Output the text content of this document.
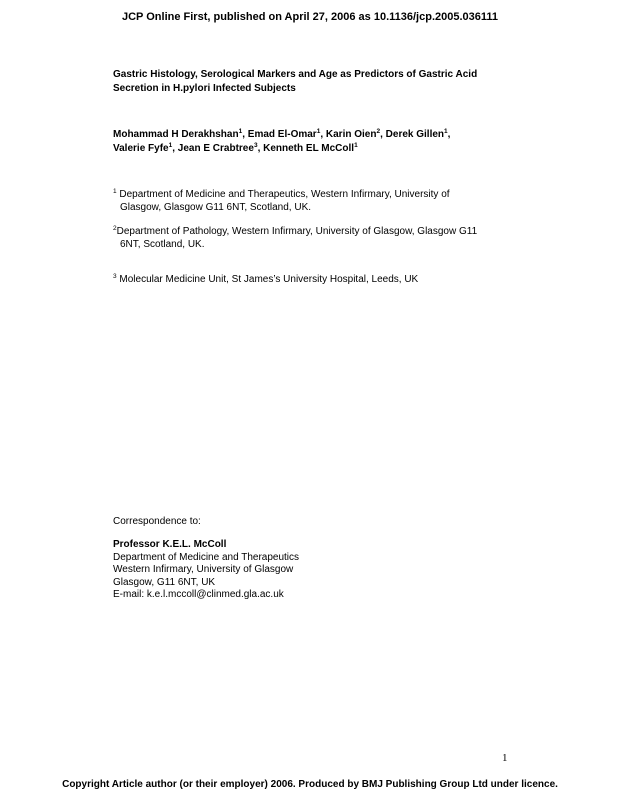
JCP Online First, published on April 27, 2006 as 10.1136/jcp.2005.036111
Gastric Histology, Serological Markers and Age as Predictors of Gastric Acid
Secretion in H.pylori Infected Subjects
Mohammad H Derakhshan$^1$, Emad El-Omar$^1$, Karin Oien$^2$, Derek Gillen$^1$,
Valerie Fyfe$^1$, Jean E Crabtree$^3$, Kenneth EL McColl$^1$
$^1$ Department of Medicine and Therapeutics, Western Infirmary, University of
Glasgow, Glasgow G11 6NT, Scotland, UK.
$^2$Department of Pathology, Western Infirmary, University of Glasgow, Glasgow G11
6NT, Scotland, UK.
$^3$ Molecular Medicine Unit, St James’s University Hospital, Leeds, UK
Correspondence to:
Professor K.E.L. McColl
Department of Medicine and Therapeutics
Western Infirmary, University of Glasgow
Glasgow, G11 6NT, UK
E-mail: k.e.l.mccoll@clinmed.gla.ac.uk
1
Copyright Article author (or their employer) 2006. Produced by BMJ Publishing Group Ltd under licence.
